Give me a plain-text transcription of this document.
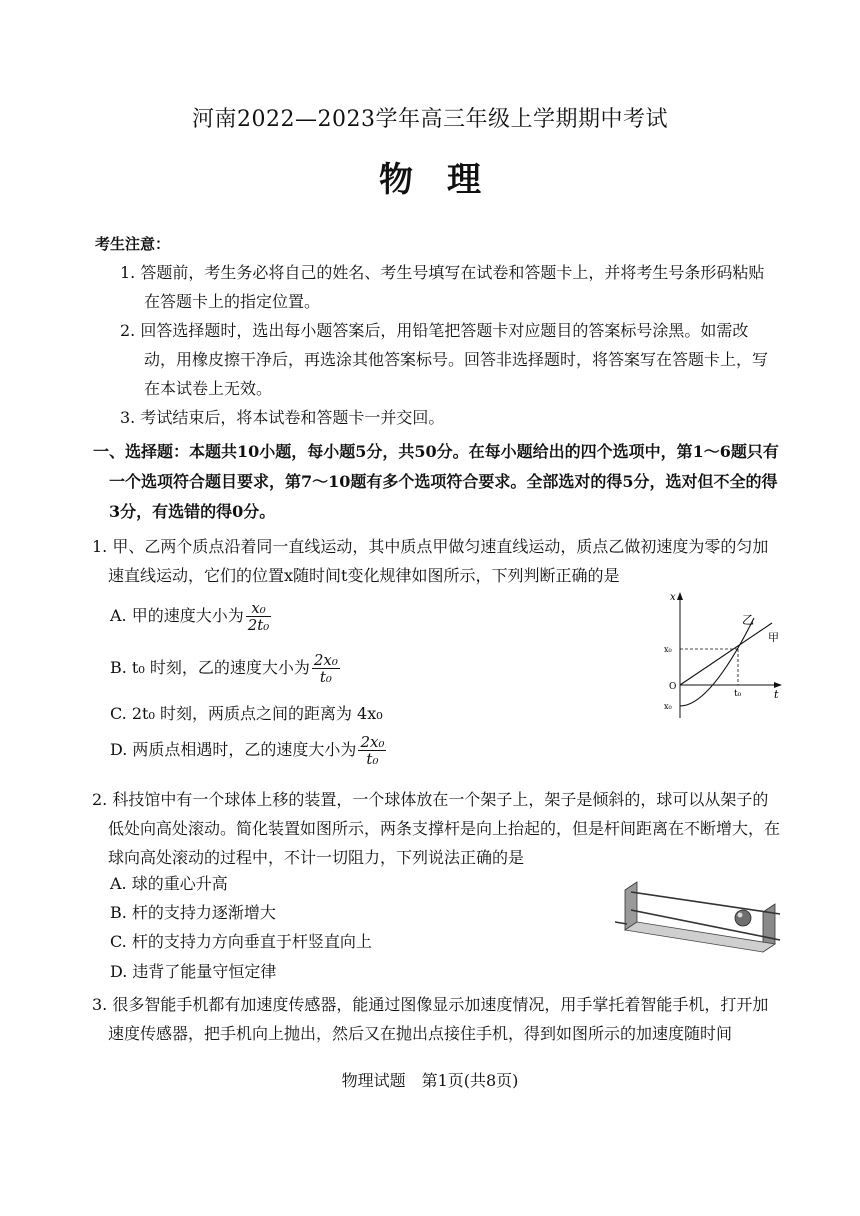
河南2022—2023学年高三年级上学期期中考试
物理
考生注意：
1. 答题前，考生务必将自己的姓名、考生号填写在试卷和答题卡上，并将考生号条形码粘贴在答题卡上的指定位置。
2. 回答选择题时，选出每小题答案后，用铅笔把答题卡对应题目的答案标号涂黑。如需改动，用橡皮擦干净后，再选涂其他答案标号。回答非选择题时，将答案写在答题卡上，写在本试卷上无效。
3. 考试结束后，将本试卷和答题卡一并交回。
一、选择题：本题共10小题，每小题5分，共50分。在每小题给出的四个选项中，第1～6题只有一个选项符合题目要求，第7～10题有多个选项符合要求。全部选对的得5分，选对但不全的得3分，有选错的得0分。
1. 甲、乙两个质点沿着同一直线运动，其中质点甲做匀速直线运动，质点乙做初速度为零的匀加速直线运动，它们的位置x随时间t变化规律如图所示，下列判断正确的是
A. 甲的速度大小为 $\frac{\text{x₀}}{\text{2t₀}}$
B. t₀ 时刻，乙的速度大小为 $\frac{\text{2x₀}}{\text{t₀}}$
C. 2t₀ 时刻，两质点之间的距离为 4x₀
D. 两质点相遇时，乙的速度大小为 $\frac{\text{2x₀}}{\text{t₀}}$
x
t
O
x₀
x₀
t₀
乙
甲
2. 科技馆中有一个球体上移的装置，一个球体放在一个架子上，架子是倾斜的，球可以从架子的低处向高处滚动。简化装置如图所示，两条支撑杆是向上抬起的，但是杆间距离在不断增大，在球向高处滚动的过程中，不计一切阻力，下列说法正确的是
A. 球的重心升高
B. 杆的支持力逐渐增大
C. 杆的支持力方向垂直于杆竖直向上
D. 违背了能量守恒定律
3. 很多智能手机都有加速度传感器，能通过图像显示加速度情况，用手掌托着智能手机，打开加速度传感器，把手机向上抛出，然后又在抛出点接住手机，得到如图所示的加速度随时间
物理试题　第1页(共8页)
